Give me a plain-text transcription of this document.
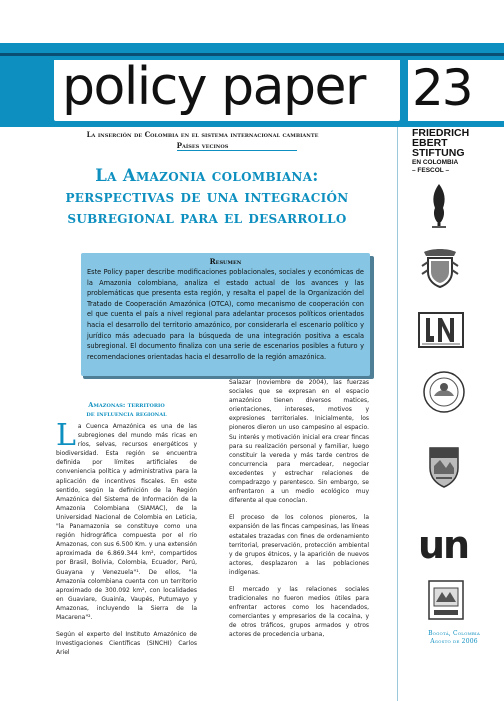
policy paper 23
FRIEDRICH
EBERT
STIFTUNG
EN COLOMBIA
– FESCOL –
un
Bogotá, Colombia
Agosto de 2006
La inserción de Colombia en el sistema internacional cambiante
Países vecinos
La Amazonia colombiana:
perspectivas de una integración
subregional para el desarrollo
Resumen
Este Policy paper describe modificaciones poblacionales, sociales y económicas de la Amazonia colombiana, analiza el estado actual de los avances y las problemáticas que presenta esta región, y resalta el papel de la Organización del Tratado de Cooperación Amazónica (OTCA), como mecanismo de cooperación con el que cuenta el país a nivel regional para adelantar procesos políticos orientados hacia el desarrollo del territorio amazónico, por considerarla el escenario político y jurídico más adecuado para la búsqueda de una integración positiva a escala subregional. El documento finaliza con una serie de escenarios posibles a futuro y recomendaciones orientadas hacia el desarrollo de la región amazónica.
Amazonas: territorio
de influencia regional

La Cuenca Amazónica es una de las subregiones del mundo más ricas en ríos, selvas, recursos energéticos y biodiversidad. Esta región se encuentra definida por límites artificiales de conveniencia política y administrativa para la aplicación de incentivos fiscales. En este sentido, según la definición de la Región Amazónica del Sistema de Información de la Amazonia Colombiana (SIAMAC), de la Universidad Nacional de Colombia en Leticia, "la Panamazonia se constituye como una región hidrográfica compuesta por el río Amazonas, con sus 6.500 Km. y una extensión aproximada de 6.869.344 km², compartidos por Brasil, Bolivia, Colombia, Ecuador, Perú, Guayana y Venezuela"¹. De ellos, "la Amazonia colombiana cuenta con un territorio aproximado de 300.092 km², con localidades en Guaviare, Guainía, Vaupés, Putumayo y Amazonas, incluyendo la Sierra de la Macarena"².

Según el experto del Instituto Amazónico de Investigaciones Científicas (SINCHI) Carlos Ariel

Salazar (noviembre de 2004), las fuerzas sociales que se expresan en el espacio amazónico tienen diversos matices, orientaciones, intereses, motivos y expresiones territoriales. Inicialmente, los pioneros dieron un uso campesino al espacio. Su interés y motivación inicial era crear fincas para su realización personal y familiar, luego constituir la vereda y más tarde centros de concurrencia para mercadear, negociar excedentes y estrechar relaciones de compadrazgo y parentesco. Sin embargo, se enfrentaron a un medio ecológico muy diferente al que conocían.

El proceso de los colonos pioneros, la expansión de las fincas campesinas, las líneas estatales trazadas con fines de ordenamiento territorial, preservación, protección ambiental y de grupos étnicos, y la aparición de nuevos actores, desplazaron a las poblaciones indígenas.

El mercado y las relaciones sociales tradicionales no fueron medios útiles para enfrentar actores como los hacendados, comerciantes y empresarios de la cocaína, y de otros tráficos, grupos armados y otros actores de procedencia urbana,
